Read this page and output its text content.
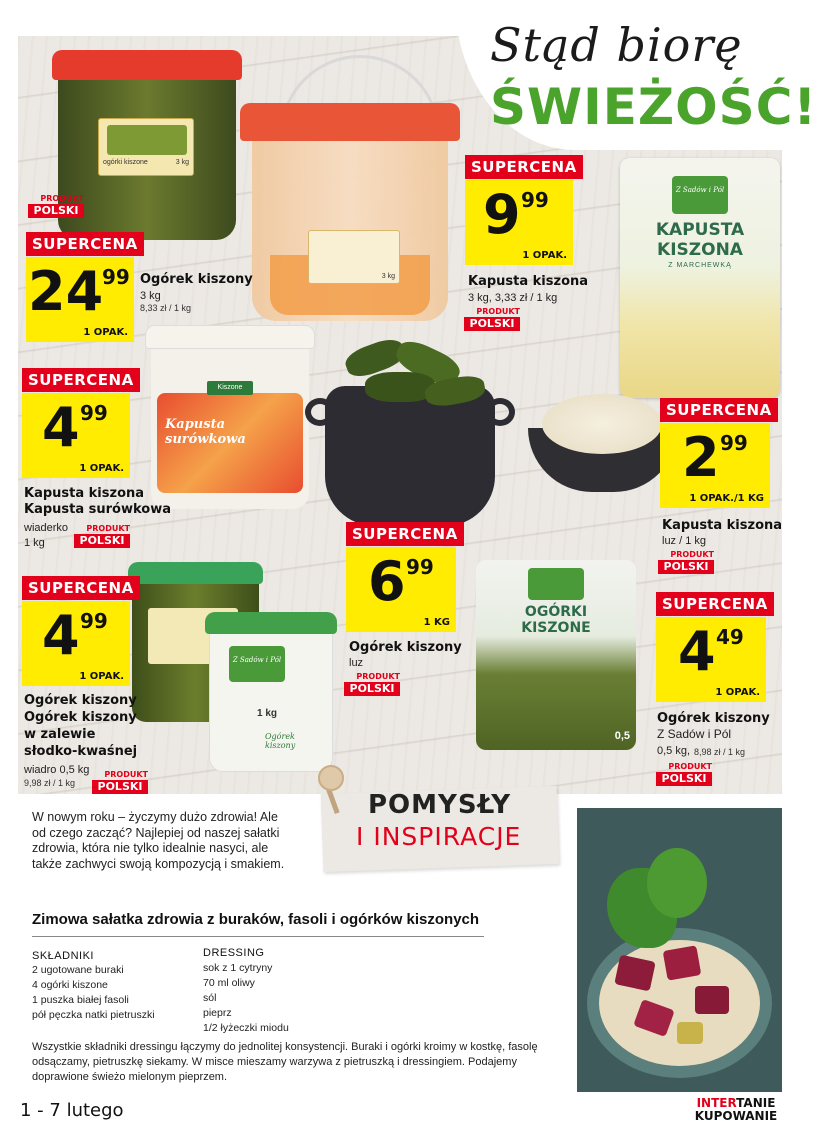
Stąd biorę
ŚWIEŻOŚĆ!
ogórki kiszone	3 kg
3 kg
Z Sadów i Pól
KAPUSTA
KISZONA
Z MARCHEWKĄ
Kapusta surówkowa
Kiszone
OGÓRKI KISZONE
0,5
Z Sadów i Pól
1 kg
Ogórek kiszony
SUPERCENA
24
99
1 OPAK.
Ogórek kiszony
3 kg
8,33 zł / 1 kg
PRODUKT
POLSKI
SUPERCENA
9 99
1 OPAK.
Kapusta kiszona
3 kg, 3,33 zł / 1 kg
PRODUKT
POLSKI
SUPERCENA
4 99
1 OPAK.
Kapusta kiszona
Kapusta surówkowa
wiaderko
1 kg
PRODUKT
POLSKI
SUPERCENA
2 99
1 OPAK./1 KG
Kapusta kiszona
luz / 1 kg
PRODUKT
POLSKI
SUPERCENA
6 99
1 KG
Ogórek kiszony
luz
PRODUKT
POLSKI
SUPERCENA
4 99
1 OPAK.
Ogórek kiszony
Ogórek kiszony
w zalewie
słodko-kwaśnej
wiadro 0,5 kg
9,98 zł / 1 kg
PRODUKT
POLSKI
SUPERCENA
4 49
1 OPAK.
Ogórek kiszony
Z Sadów i Pól
0,5 kg, 8,98 zł / 1 kg
PRODUKT
POLSKI
POMYSŁY
I INSPIRACJE
W nowym roku – życzymy dużo zdrowia! Ale od czego zacząć? Najlepiej od naszej sałatki zdrowia, która nie tylko idealnie nasyci, ale także zachwyci swoją kompozycją i smakiem.
Zimowa sałatka zdrowia z buraków, fasoli i ogórków kiszonych
SKŁADNIKI
2 ugotowane buraki
4 ogórki kiszone
1 puszka białej fasoli
pół pęczka natki pietruszki
DRESSING
sok z 1 cytryny
70 ml oliwy
sól
pieprz
1/2 łyżeczki miodu
Wszystkie składniki dressingu łączymy do jednolitej konsystencji. Buraki i ogórki kroimy w kostkę, fasolę odsączamy, pietruszkę siekamy. W misce mieszamy warzywa z pietruszką i dressingiem. Podajemy doprawione świeżo mielonym pieprzem.
1 - 7 lutego	INTERTANIE
KUPOWANIE
